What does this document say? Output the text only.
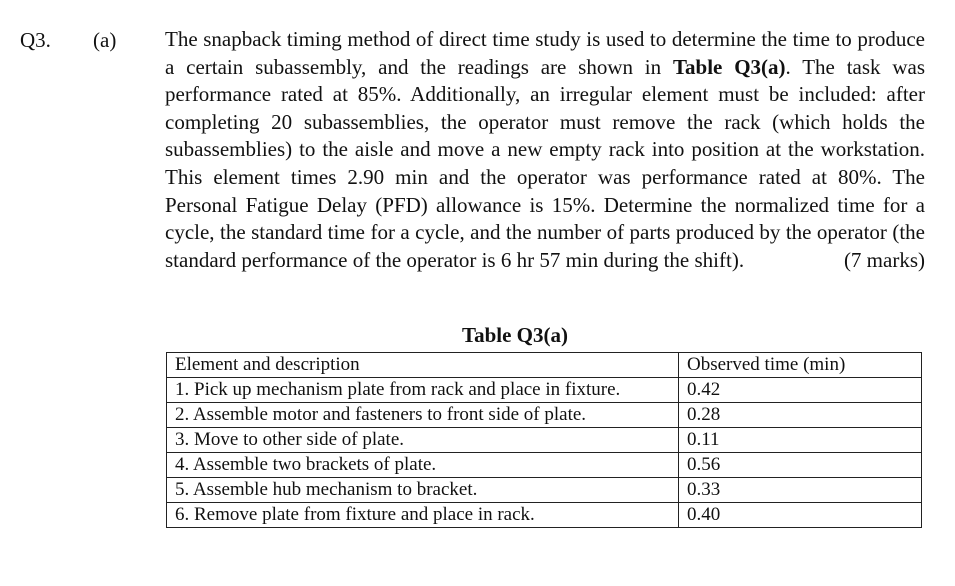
Q3. (a) The snapback timing method of direct time study is used to determine the time to produce a certain subassembly, and the readings are shown in Table Q3(a). The task was performance rated at 85%. Additionally, an irregular element must be included: after completing 20 subassemblies, the operator must remove the rack (which holds the subassemblies) to the aisle and move a new empty rack into position at the workstation. This element times 2.90 min and the operator was performance rated at 80%. The Personal Fatigue Delay (PFD) allowance is 15%. Determine the normalized time for a cycle, the standard time for a cycle, and the number of parts produced by the operator (the standard performance of the operator is 6 hr 57 min during the shift).	(7 marks)

Table Q3(a)
Element and description	Observed time (min)
1. Pick up mechanism plate from rack and place in fixture.	0.42
2. Assemble motor and fasteners to front side of plate.	0.28
3. Move to other side of plate.	0.11
4. Assemble two brackets of plate.	0.56
5. Assemble hub mechanism to bracket.	0.33
6. Remove plate from fixture and place in rack.	0.40
